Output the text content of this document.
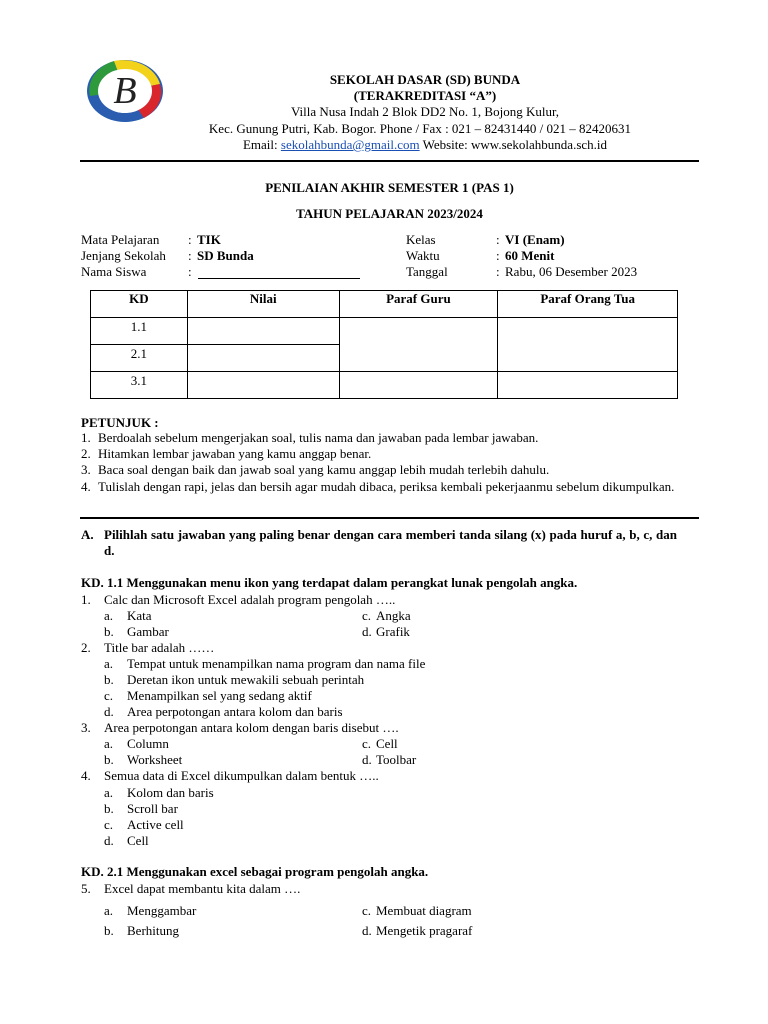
B	SEKOLAH DASAR (SD) BUNDA
(TERAKREDITASI “A”)
Villa Nusa Indah 2 Blok DD2 No. 1, Bojong Kulur,
Kec. Gunung Putri, Kab. Bogor. Phone / Fax : 021 – 82431440 / 021 – 82420631
Email: sekolahbunda@gmail.com Website: www.sekolahbunda.sch.id
PENILAIAN AKHIR SEMESTER 1 (PAS 1)
TAHUN PELAJARAN 2023/2024
Mata Pelajaran : TIK
Jenjang Sekolah : SD Bunda
Nama Siswa	:
Kelas	: VI (Enam)
Waktu	: 60 Menit
Tanggal	: Rabu, 06 Desember 2023
KD	Nilai	Paraf Guru	Paraf Orang Tua
1.1			
2.1			
3.1			
PETUNJUK :
1. Berdoalah sebelum mengerjakan soal, tulis nama dan jawaban pada lembar jawaban.
2. Hitamkan lembar jawaban yang kamu anggap benar.
3. Baca soal dengan baik dan jawab soal yang kamu anggap lebih mudah terlebih dahulu.
4. Tulislah dengan rapi, jelas dan bersih agar mudah dibaca, periksa kembali pekerjaanmu sebelum dikumpulkan.
A. Pilihlah satu jawaban yang paling benar dengan cara memberi tanda silang (x) pada huruf a, b, c, dan d.
KD. 1.1 Menggunakan menu ikon yang terdapat dalam perangkat lunak pengolah angka.
1. Calc dan Microsoft Excel adalah program pengolah …..
a. Kata	c. Angka
b. Gambar	d. Grafik
2. Title bar adalah ……
a. Tempat untuk menampilkan nama program dan nama file
b. Deretan ikon untuk mewakili sebuah perintah
c. Menampilkan sel yang sedang aktif
d. Area perpotongan antara kolom dan baris
3. Area perpotongan antara kolom dengan baris disebut ….
a. Column	c. Cell
b. Worksheet	d. Toolbar
4. Semua data di Excel dikumpulkan dalam bentuk …..
a. Kolom dan baris
b. Scroll bar
c. Active cell
d. Cell
KD. 2.1 Menggunakan excel sebagai program pengolah angka.
5. Excel dapat membantu kita dalam ….
a. Menggambar	c. Membuat diagram
b. Berhitung	d. Mengetik pragaraf
